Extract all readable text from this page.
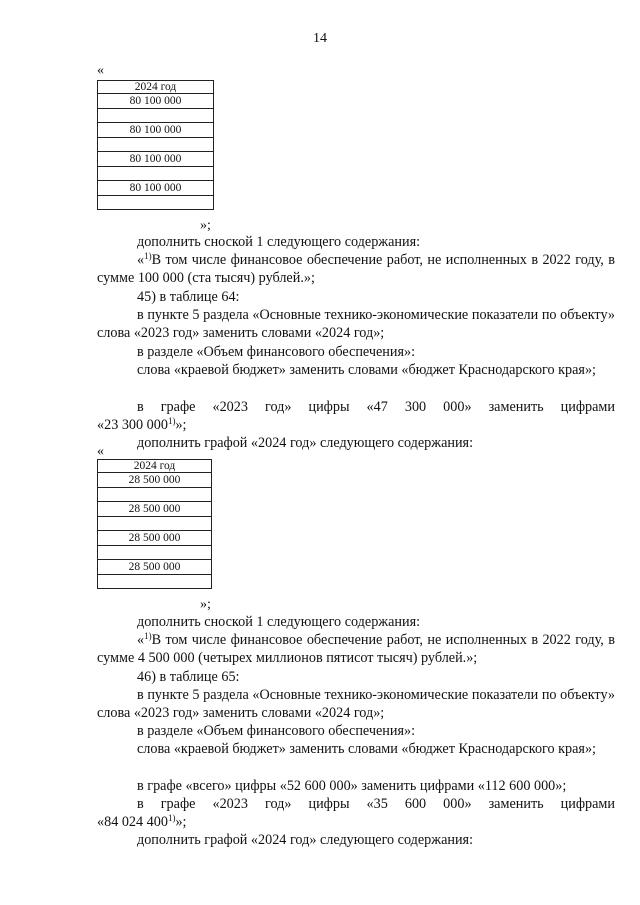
14
«
2024 год
80 100 000

80 100 000

80 100 000

80 100 000

»;

дополнить сноской 1 следующего содержания:

«$^{1)}$В том числе финансовое обеспечение работ, не исполненных в 2022 году, в сумме 100 000 (ста тысяч) рублей.»;

45) в таблице 64:

в пункте 5 раздела «Основные технико-экономические показатели по объекту» слова «2023 год» заменить словами «2024 год»;

в разделе «Объем финансового обеспечения»:

слова «краевой бюджет» заменить словами «бюджет Краснодарского края»;

в графе «2023 год» цифры «47 300 000» заменить цифрами

«23 300 000$^{1)}$»;

дополнить графой «2024 год» следующего содержания:

«
2024 год
28 500 000

28 500 000

28 500 000

28 500 000

»;

дополнить сноской 1 следующего содержания:

«$^{1)}$В том числе финансовое обеспечение работ, не исполненных в 2022 году, в сумме 4 500 000 (четырех миллионов пятисот тысяч) рублей.»;

46) в таблице 65:

в пункте 5 раздела «Основные технико-экономические показатели по объекту» слова «2023 год» заменить словами «2024 год»;

в разделе «Объем финансового обеспечения»:

слова «краевой бюджет» заменить словами «бюджет Краснодарского края»;

в графе «всего» цифры «52 600 000» заменить цифрами «112 600 000»;

в графе «2023 год» цифры «35 600 000» заменить цифрами

«84 024 400$^{1)}$»;

дополнить графой «2024 год» следующего содержания:
